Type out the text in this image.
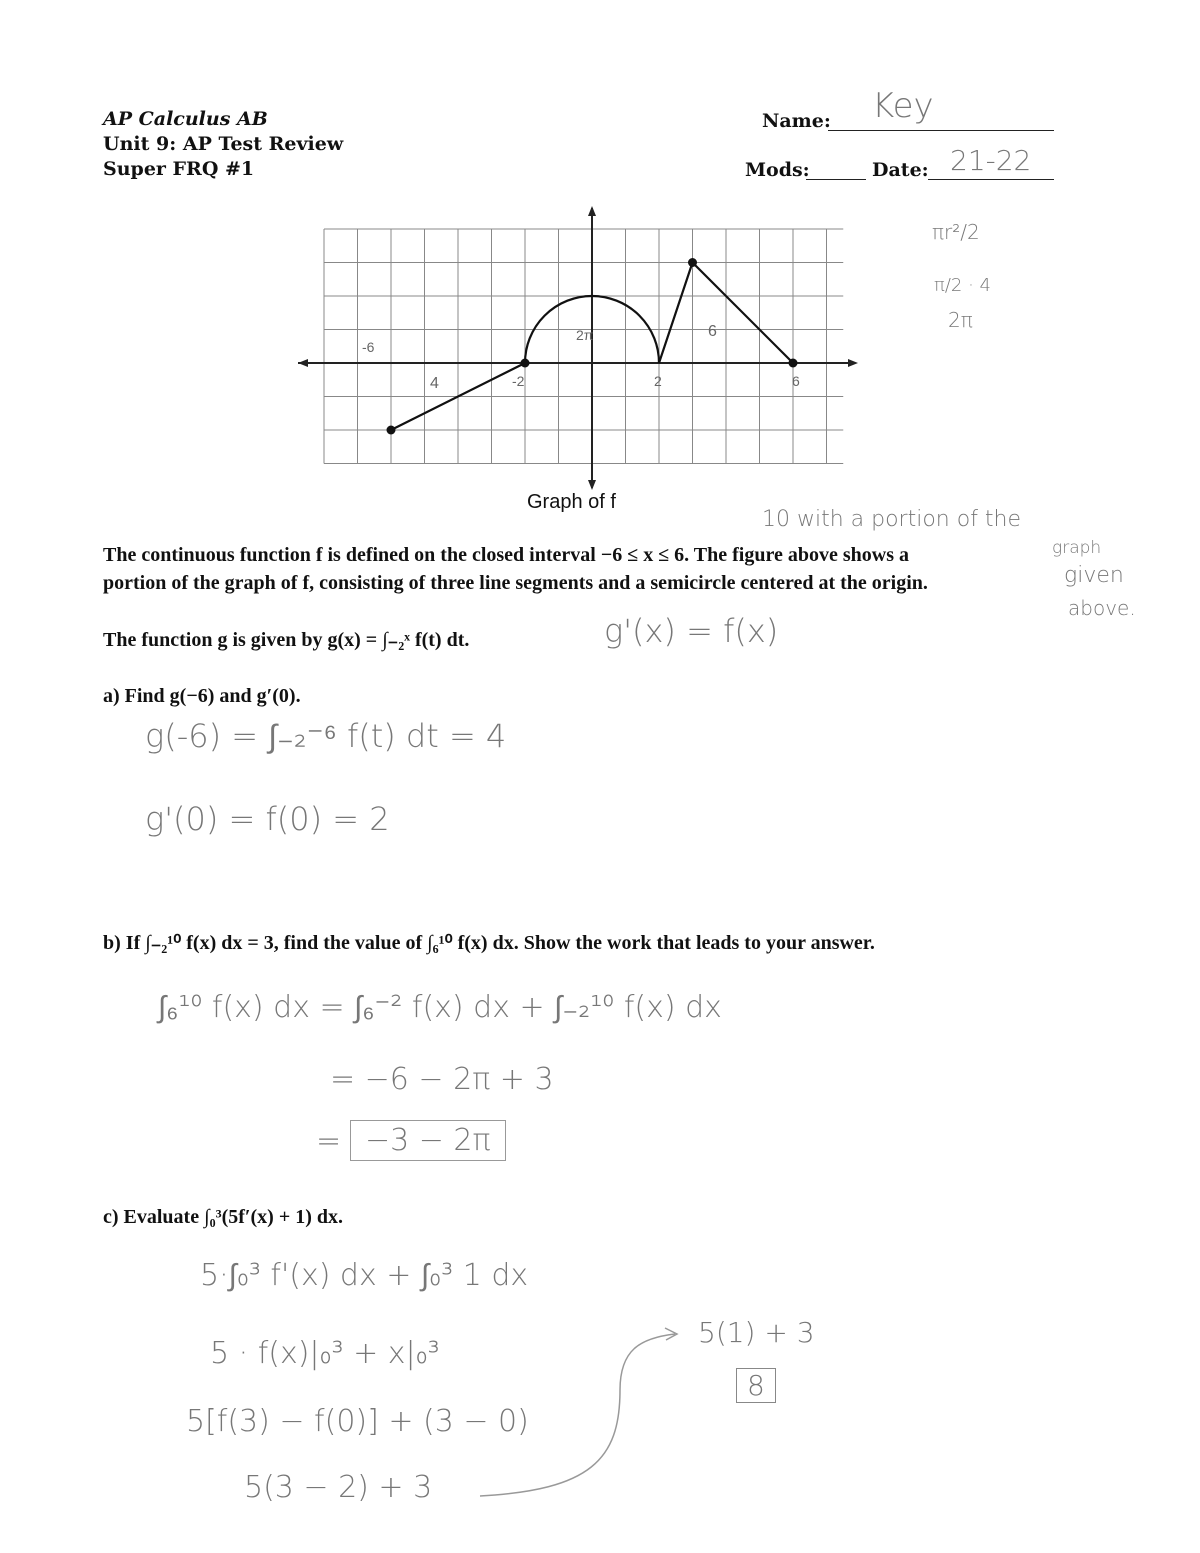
AP Calculus AB
Unit 9: AP Test Review
Super FRQ #1
Name: Key
Mods:	Date: 21-22
πr²/2
π/2 · 4
2π
-6
4	-2
2π	6
2	6
Graph of f
10 with a portion of the
graph
given
above.
The continuous function f is defined on the closed interval −6 ≤ x ≤ 6. The figure above shows a
portion of the graph of f, consisting of three line segments and a semicircle centered at the origin.
The function g is given by g(x) = ∫₋₂ˣ f(t) dt.	g'(x) = f(x)
a) Find g(−6) and g′(0).
g(-6) = ∫₋₂⁻⁶ f(t) dt = 4
g'(0) = f(0) = 2
b) If ∫₋₂¹⁰ f(x) dx = 3, find the value of ∫₆¹⁰ f(x) dx. Show the work that leads to your answer.
∫₆¹⁰ f(x) dx = ∫₆⁻² f(x) dx + ∫₋₂¹⁰ f(x) dx
= −6 − 2π + 3
= −3 − 2π
c) Evaluate ∫₀³(5f′(x) + 1) dx.
5·∫₀³ f'(x) dx + ∫₀³ 1 dx
5 · f(x)|₀³ + x|₀³
5[f(3) − f(0)] + (3 − 0)
5(3 − 2) + 3
5(1) + 3
8
